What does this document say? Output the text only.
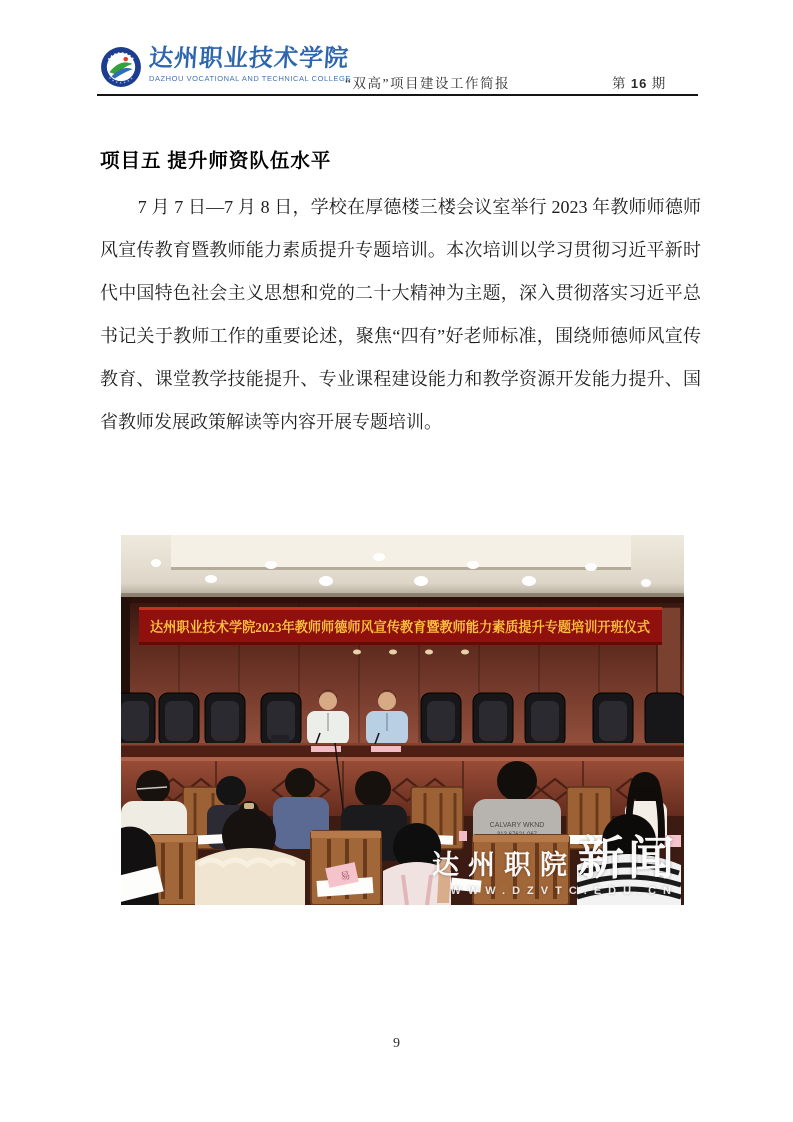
达州职业技术学院
DAZHOU VOCATIONAL AND TECHNICAL COLLEGE
“双高”项目建设工作简报	第 16 期
项目五 提升师资队伍水平

7 月 7 日—7 月 8 日，学校在厚德楼三楼会议室举行 2023 年教师师德师风宣传教育暨教师能力素质提升专题培训。本次培训以学习贯彻习近平新时代中国特色社会主义思想和党的二十大精神为主题，深入贯彻落实习近平总书记关于教师工作的重要论述，聚焦“四有”好老师标准，围绕师德师风宣传教育、课堂教学技能提升、专业课程建设能力和教学资源开发能力提升、国省教师发展政策解读等内容开展专题培训。

达州职业技术学院2023年教师师德师风宣传教育暨教师能力素质提升专题培训开班仪式
CALVARY WKND
易	达州职院 新闻
WWW.DZVTC.EDU.CN
9
